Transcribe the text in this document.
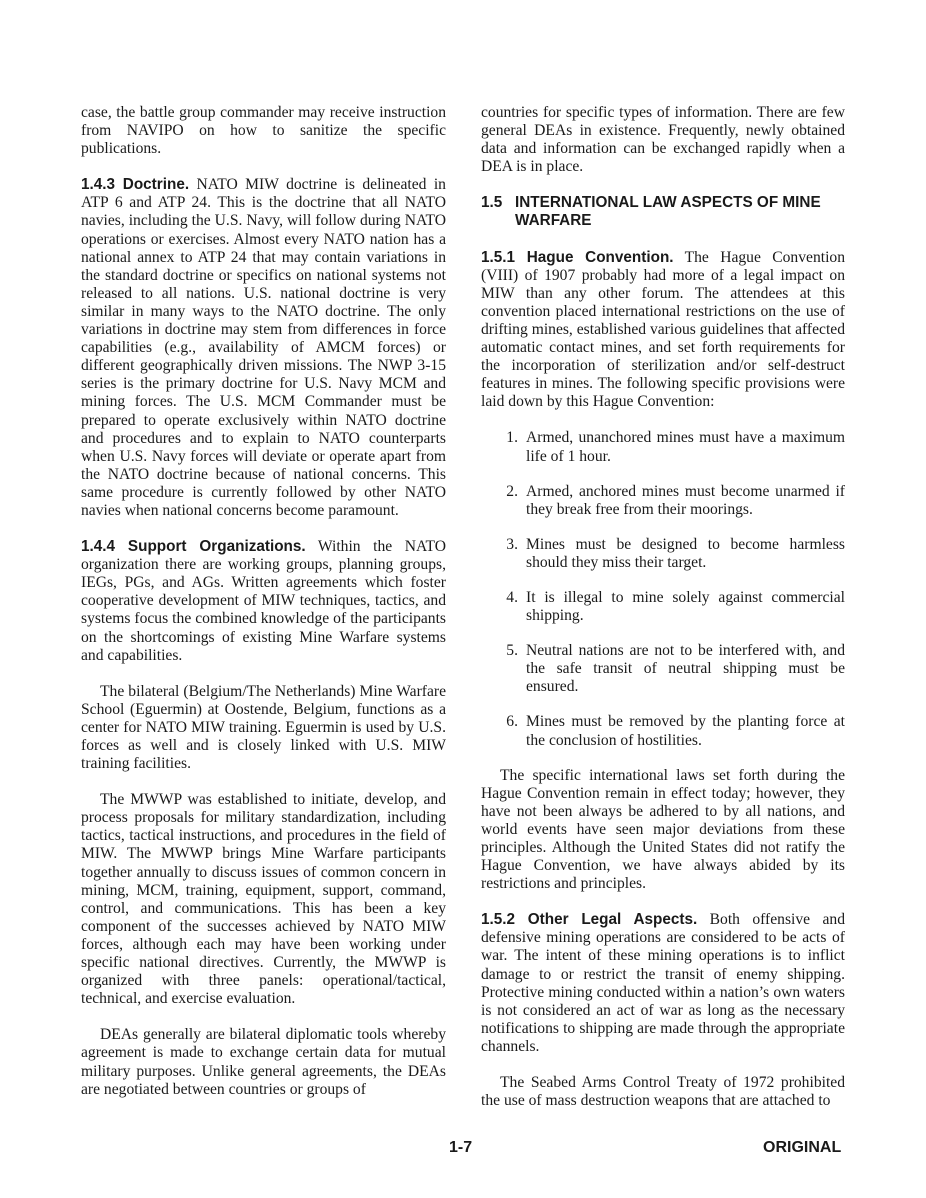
case, the battle group commander may receive instruction from NAVIPO on how to sanitize the specific publications.

1.4.3 Doctrine. NATO MIW doctrine is delineated in ATP 6 and ATP 24. This is the doctrine that all NATO navies, including the U.S. Navy, will follow during NATO operations or exercises. Almost every NATO nation has a national annex to ATP 24 that may contain variations in the standard doctrine or specifics on national systems not released to all nations. U.S. national doctrine is very similar in many ways to the NATO doctrine. The only variations in doctrine may stem from differences in force capabilities (e.g., availability of AMCM forces) or different geographically driven missions. The NWP 3-15 series is the primary doctrine for U.S. Navy MCM and mining forces. The U.S. MCM Commander must be prepared to operate exclusively within NATO doctrine and procedures and to explain to NATO counterparts when U.S. Navy forces will deviate or operate apart from the NATO doctrine because of national concerns. This same procedure is currently followed by other NATO navies when national concerns become paramount.

1.4.4 Support Organizations. Within the NATO organization there are working groups, planning groups, IEGs, PGs, and AGs. Written agreements which foster cooperative development of MIW techniques, tactics, and systems focus the combined knowledge of the participants on the shortcomings of existing Mine Warfare systems and capabilities.

The bilateral (Belgium/The Netherlands) Mine Warfare School (Eguermin) at Oostende, Belgium, functions as a center for NATO MIW training. Eguermin is used by U.S. forces as well and is closely linked with U.S. MIW training facilities.

The MWWP was established to initiate, develop, and process proposals for military standardization, including tactics, tactical instructions, and procedures in the field of MIW. The MWWP brings Mine Warfare participants together annually to discuss issues of common concern in mining, MCM, training, equipment, support, command, control, and communications. This has been a key component of the successes achieved by NATO MIW forces, although each may have been working under specific national directives. Currently, the MWWP is organized with three panels: operational/tactical, technical, and exercise evaluation.

DEAs generally are bilateral diplomatic tools whereby agreement is made to exchange certain data for mutual military purposes. Unlike general agreements, the DEAs are negotiated between countries or groups of

countries for specific types of information. There are few general DEAs in existence. Frequently, newly obtained data and information can be exchanged rapidly when a DEA is in place.

1.5 INTERNATIONAL LAW ASPECTS OF MINE WARFARE

1.5.1 Hague Convention. The Hague Convention (VIII) of 1907 probably had more of a legal impact on MIW than any other forum. The attendees at this convention placed international restrictions on the use of drifting mines, established various guidelines that affected automatic contact mines, and set forth requirements for the incorporation of sterilization and/or self-destruct features in mines. The following specific provisions were laid down by this Hague Convention:

1. Armed, unanchored mines must have a maximum life of 1 hour.
2. Armed, anchored mines must become unarmed if they break free from their moorings.
3. Mines must be designed to become harmless should they miss their target.
4. It is illegal to mine solely against commercial shipping.
5. Neutral nations are not to be interfered with, and the safe transit of neutral shipping must be ensured.
6. Mines must be removed by the planting force at the conclusion of hostilities.

The specific international laws set forth during the Hague Convention remain in effect today; however, they have not been always be adhered to by all nations, and world events have seen major deviations from these principles. Although the United States did not ratify the Hague Convention, we have always abided by its restrictions and principles.

1.5.2 Other Legal Aspects. Both offensive and defensive mining operations are considered to be acts of war. The intent of these mining operations is to inflict damage to or restrict the transit of enemy shipping. Protective mining conducted within a nation’s own waters is not considered an act of war as long as the necessary notifications to shipping are made through the appropriate channels.

The Seabed Arms Control Treaty of 1972 prohibited the use of mass destruction weapons that are attached to

1-7	ORIGINAL
